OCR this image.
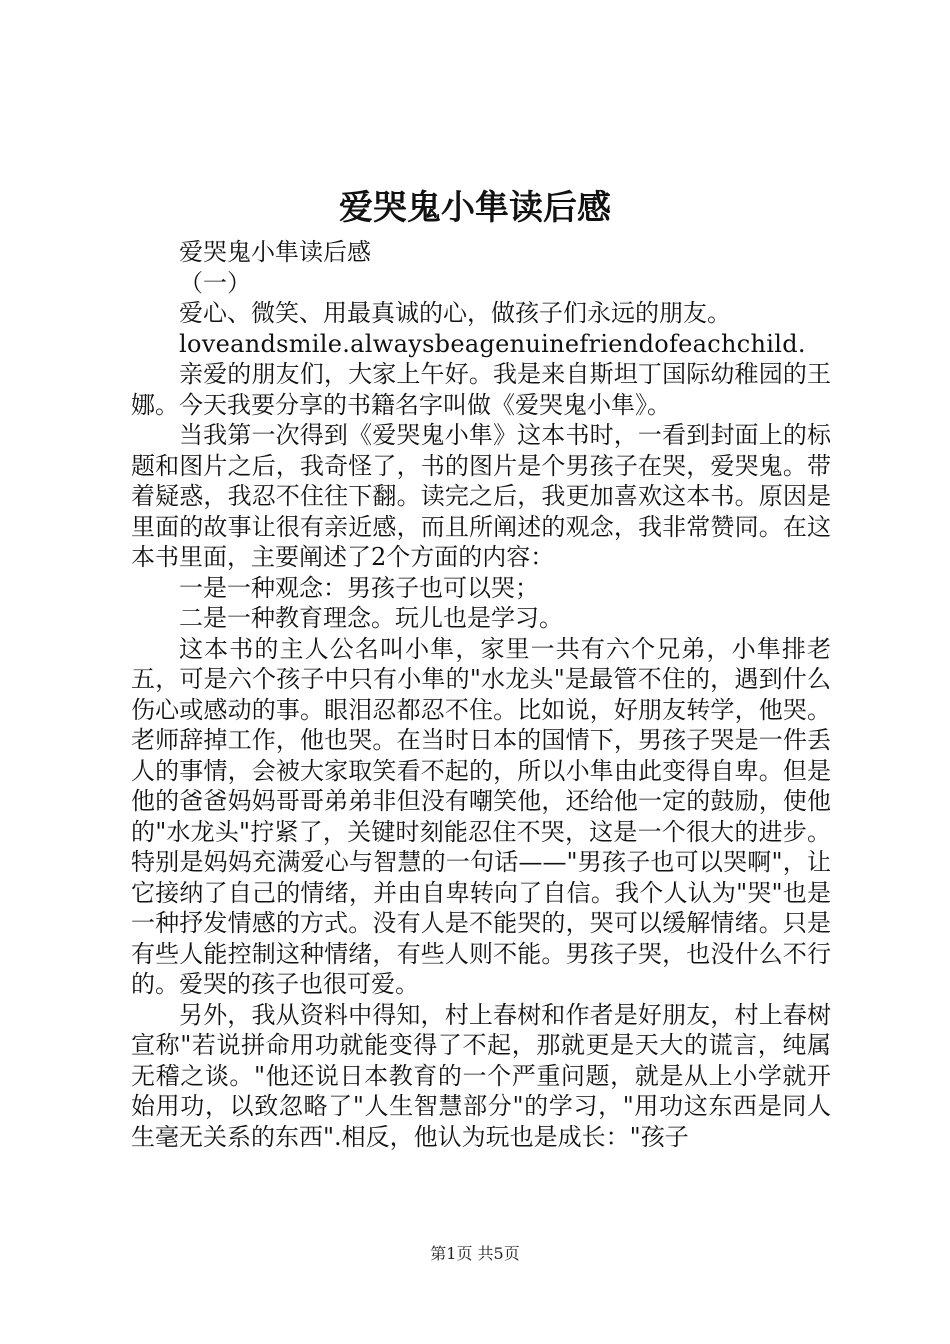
爱哭鬼小隼读后感

爱哭鬼小隼读后感

（一）

爱心、微笑、用最真诚的心，做孩子们永远的朋友。

loveandsmile.alwaysbeagenuinefriendofeachchild.

亲爱的朋友们，大家上午好。我是来自斯坦丁国际幼稚园的王娜。今天我要分享的书籍名字叫做《爱哭鬼小隼》。

当我第一次得到《爱哭鬼小隼》这本书时，一看到封面上的标题和图片之后，我奇怪了，书的图片是个男孩子在哭，爱哭鬼。带着疑惑，我忍不住往下翻。读完之后，我更加喜欢这本书。原因是里面的故事让很有亲近感，而且所阐述的观念，我非常赞同。在这本书里面，主要阐述了2个方面的内容：

一是一种观念：男孩子也可以哭；

二是一种教育理念。玩儿也是学习。

这本书的主人公名叫小隼，家里一共有六个兄弟，小隼排老五，可是六个孩子中只有小隼的"水龙头"是最管不住的，遇到什么伤心或感动的事。眼泪忍都忍不住。比如说，好朋友转学，他哭。老师辞掉工作，他也哭。在当时日本的国情下，男孩子哭是一件丢人的事情，会被大家取笑看不起的，所以小隼由此变得自卑。但是他的爸爸妈妈哥哥弟弟非但没有嘲笑他，还给他一定的鼓励，使他的"水龙头"拧紧了，关键时刻能忍住不哭，这是一个很大的进步。特别是妈妈充满爱心与智慧的一句话——"男孩子也可以哭啊"，让它接纳了自己的情绪，并由自卑转向了自信。我个人认为"哭"也是一种抒发情感的方式。没有人是不能哭的，哭可以缓解情绪。只是有些人能控制这种情绪，有些人则不能。男孩子哭，也没什么不行的。爱哭的孩子也很可爱。

另外，我从资料中得知，村上春树和作者是好朋友，村上春树宣称"若说拼命用功就能变得了不起，那就更是天大的谎言，纯属无稽之谈。"他还说日本教育的一个严重问题，就是从上小学就开始用功，以致忽略了"人生智慧部分"的学习，"用功这东西是同人生毫无关系的东西".相反，他认为玩也是成长："孩子

第1页 共5页
